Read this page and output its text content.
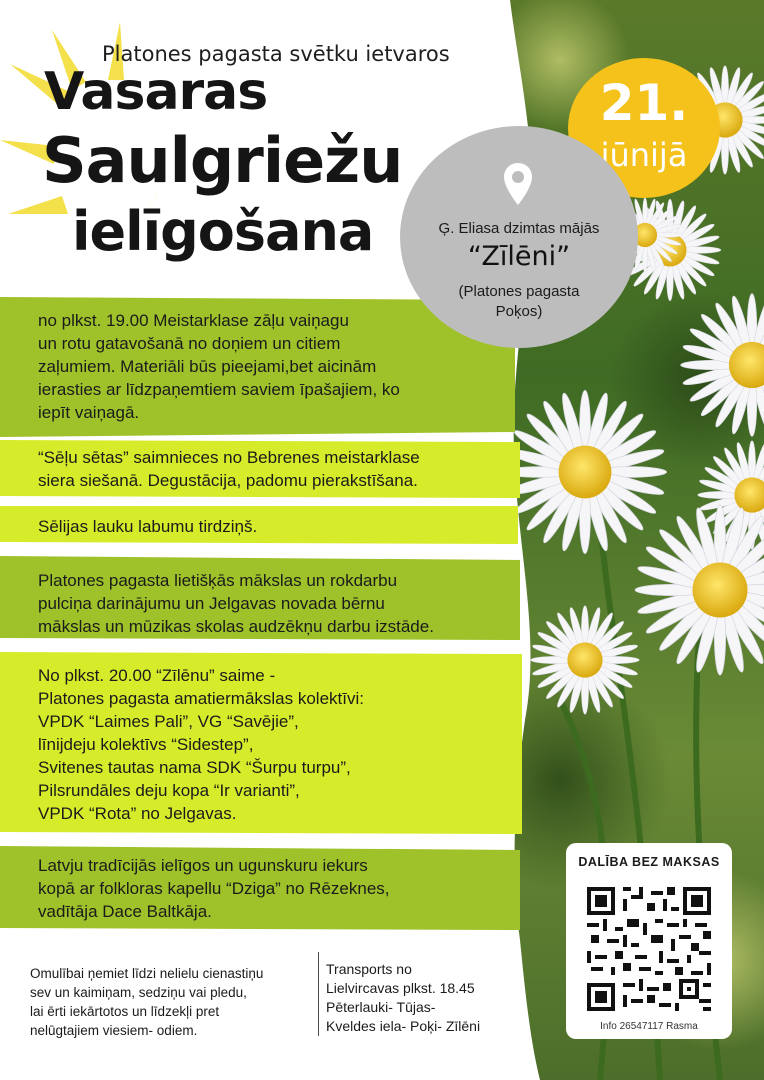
Platones pagasta svētku ietvaros
Vasaras
Saulgriežu
ielīgošana
21.
jūnijā
Ģ. Eliasa dzimtas mājās
“Zīlēni”
(Platones pagasta
Poķos)
no plkst. 19.00 Meistarklase zāļu vaiņagu
un rotu gatavošanā no doņiem un citiem
zaļumiem. Materiāli būs pieejami,bet aicinām
ierasties ar līdzpaņemtiem saviem īpašajiem, ko
iepīt vaiņagā.
“Sēļu sētas” saimnieces no Bebrenes meistarklase
siera siešanā. Degustācija, padomu pierakstīšana.
Sēlijas lauku labumu tirdziņš.
Platones pagasta lietišķās mākslas un rokdarbu
pulciņa darinājumu un Jelgavas novada bērnu
mākslas un mūzikas skolas audzēkņu darbu izstāde.
No plkst. 20.00 “Zīlēnu” saime -
Platones pagasta amatiermākslas kolektīvi:
VPDK “Laimes Pali”, VG “Savējie”,
līnijdeju kolektīvs “Sidestep”,
Svitenes tautas nama SDK “Šurpu turpu”,
Pilsrundāles deju kopa “Ir varianti”,
VPDK “Rota” no Jelgavas.
Latvju tradīcijās ielīgos un ugunskuru iekurs
kopā ar folkloras kapellu “Dziga” no Rēzeknes,
vadītāja Dace Baltkāja.
Omulībai ņemiet līdzi nelielu cienastiņu
sev un kaimiņam, sedziņu vai pledu,
lai ērti iekārtotos un līdzekļi pret
nelūgtajiem viesiem- odiem.
Transports no
Lielvircavas plkst. 18.45
Pēterlauki- Tūjas-
Kveldes iela- Poķi- Zīlēni
DALĪBA BEZ MAKSAS
Info 26547117 Rasma
